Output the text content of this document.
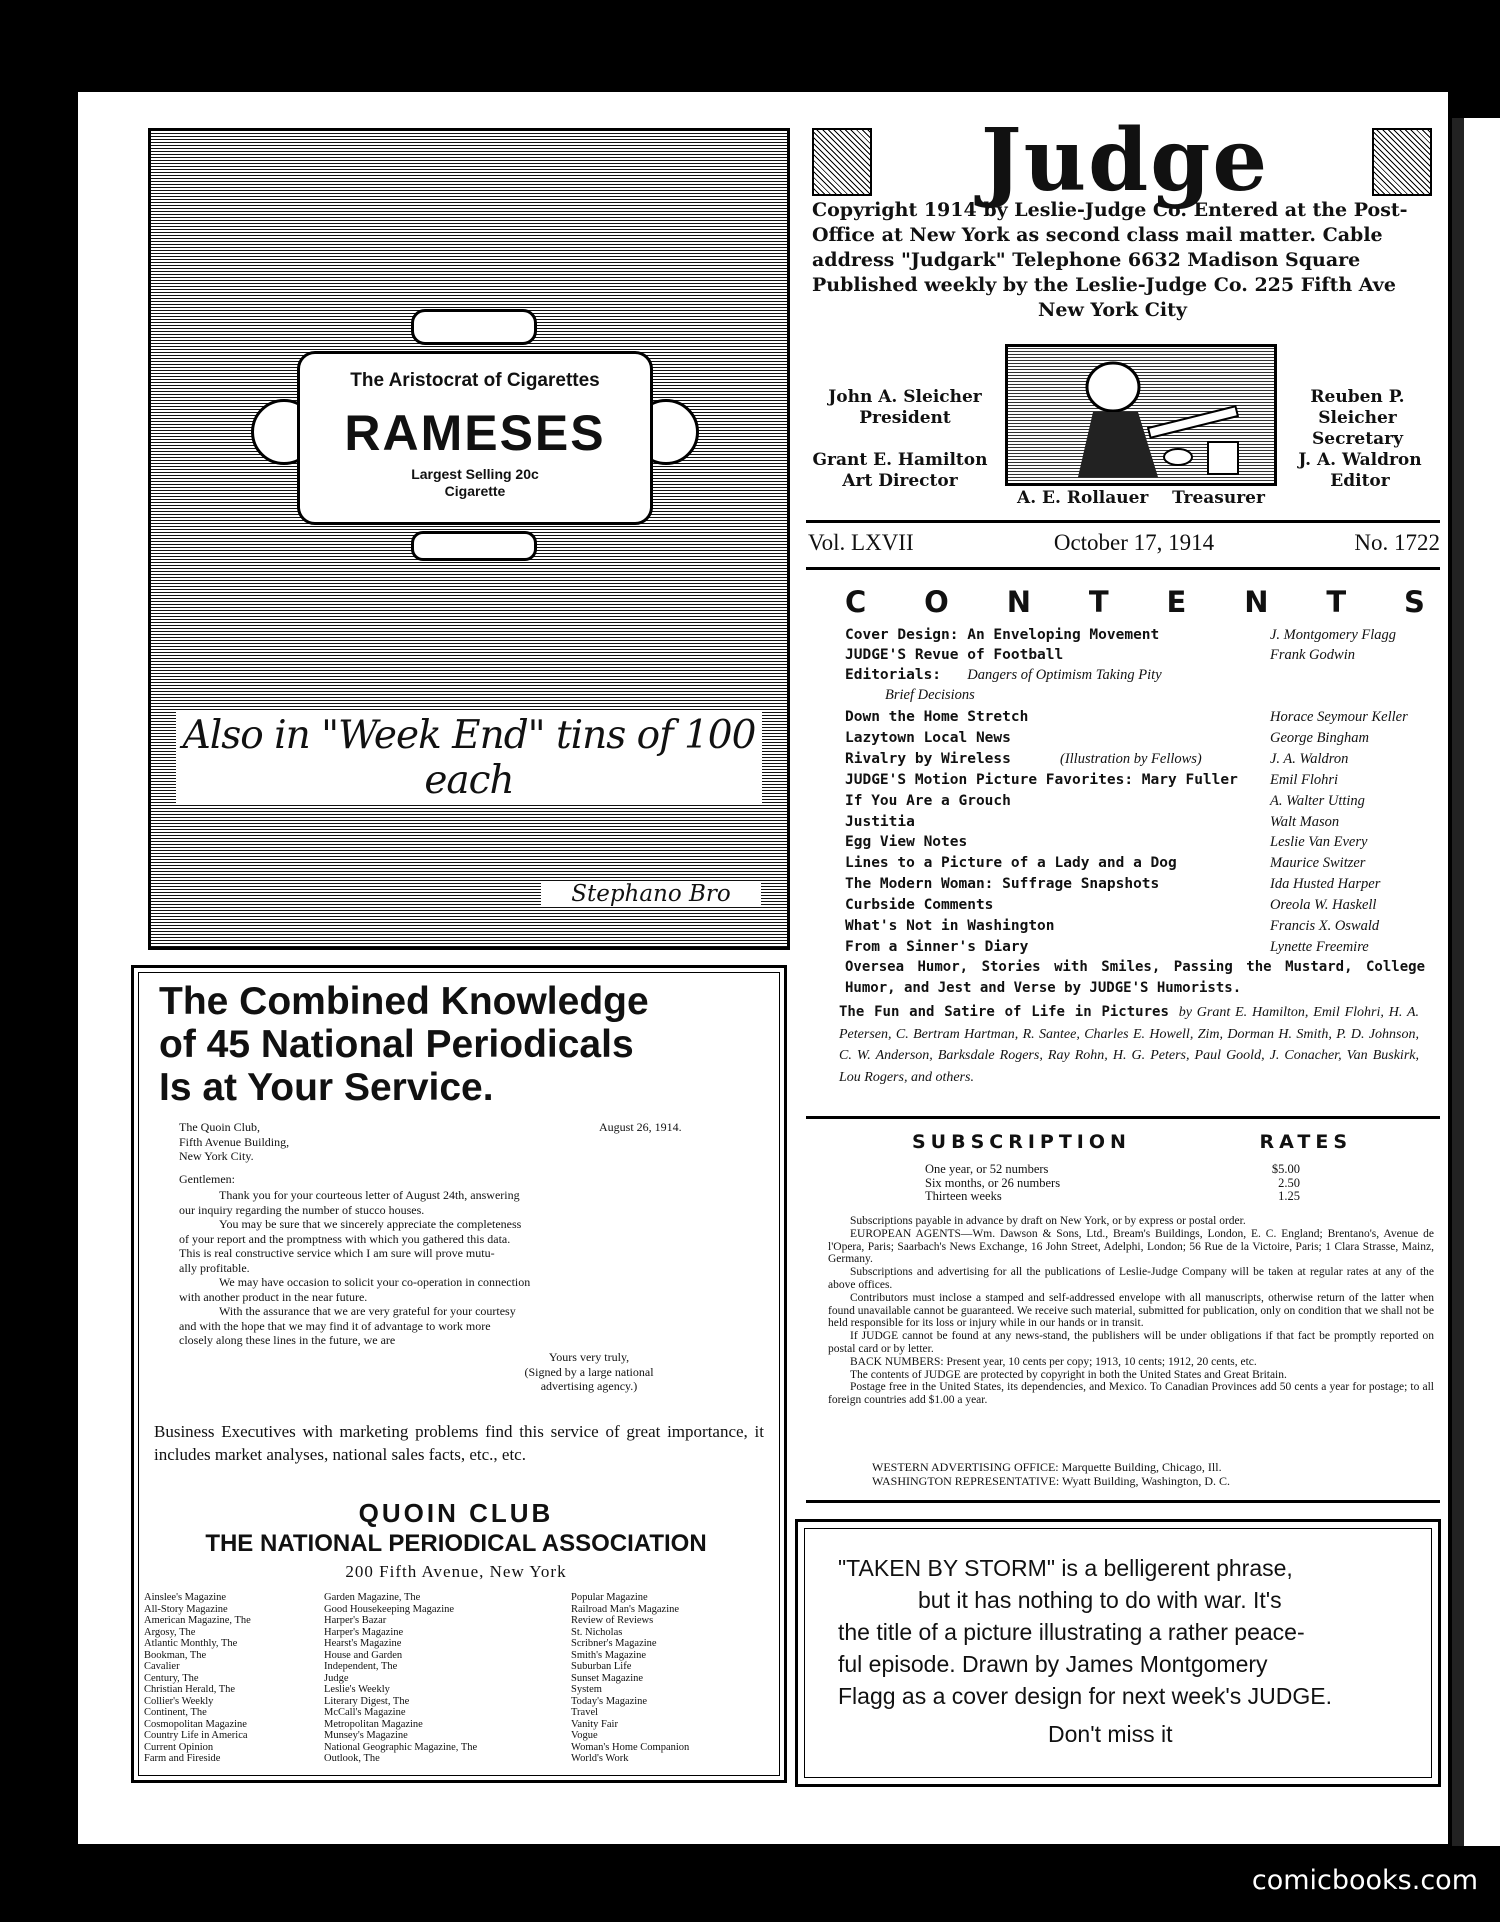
The Aristocrat of Cigarettes
RAMESES
Largest Selling 20c
Cigarette
Also in "Week End" tins of 100 each
Stephano Bro
The Combined Knowledge
of 45 National Periodicals
Is at Your Service.
The Quoin Club,
Fifth Avenue Building,
New York City.
August 26, 1914.
Gentlemen:
Thank you for your courteous letter of August 24th, answering
our inquiry regarding the number of stucco houses.
You may be sure that we sincerely appreciate the completeness
of your report and the promptness with which you gathered this data.
This is real constructive service which I am sure will prove mutu-
ally profitable.
We may have occasion to solicit your co-operation in connection
with another product in the near future.
With the assurance that we are very grateful for your courtesy
and with the hope that we may find it of advantage to work more
closely along these lines in the future, we are
Yours very truly,
(Signed by a large national
advertising agency.)
Business Executives with marketing problems find this service of great importance, it includes market analyses, national sales facts, etc., etc.
QUOIN CLUB
THE NATIONAL PERIODICAL ASSOCIATION
200 Fifth Avenue, New York
Ainslee's Magazine
All-Story Magazine
American Magazine, The
Argosy, The
Atlantic Monthly, The
Bookman, The
Cavalier
Century, The
Christian Herald, The
Collier's Weekly
Continent, The
Cosmopolitan Magazine
Country Life in America
Current Opinion
Farm and Fireside
Garden Magazine, The
Good Housekeeping Magazine
Harper's Bazar
Harper's Magazine
Hearst's Magazine
House and Garden
Independent, The
Judge
Leslie's Weekly
Literary Digest, The
McCall's Magazine
Metropolitan Magazine
Munsey's Magazine
National Geographic Magazine, The
Outlook, The
Popular Magazine
Railroad Man's Magazine
Review of Reviews
St. Nicholas
Scribner's Magazine
Smith's Magazine
Suburban Life
Sunset Magazine
System
Today's Magazine
Travel
Vanity Fair
Vogue
Woman's Home Companion
World's Work
Judge
Copyright 1914 by Leslie-Judge Co. Entered at the Post-
Office at New York as second class mail matter. Cable
address "Judgark" Telephone 6632 Madison Square
Published weekly by the Leslie-Judge Co. 225 Fifth Ave
New York City
John A. Sleicher
President
Reuben P. Sleicher
Secretary
Grant E. Hamilton
Art Director
J. A. Waldron
Editor
A. E. Rollauer Treasurer
Vol. LXVII	October 17, 1914	No. 1722
C O N T E N T S
Cover Design: An Enveloping Movement	J. Montgomery Flagg
JUDGE'S Revue of Football	Frank Godwin
Editorials: Dangers of Optimism Taking Pity
Brief Decisions
Down the Home Stretch	Horace Seymour Keller
Lazytown Local News	George Bingham
Rivalry by Wireless	(Illustration by Fellows)	J. A. Waldron
JUDGE'S Motion Picture Favorites: Mary Fuller Emil Flohri
If You Are a Grouch	A. Walter Utting
Justitia	Walt Mason
Egg View Notes	Leslie Van Every
Lines to a Picture of a Lady and a Dog	Maurice Switzer
The Modern Woman: Suffrage Snapshots	Ida Husted Harper
Curbside Comments	Oreola W. Haskell
What's Not in Washington	Francis X. Oswald
From a Sinner's Diary	Lynette Freemire
Oversea Humor, Stories with Smiles, Passing the Mustard, College Humor, and Jest and Verse by JUDGE'S Humorists.
The Fun and Satire of Life in Pictures by Grant E. Hamilton, Emil Flohri, H. A. Petersen, C. Bertram Hartman, R. Santee, Charles E. Howell, Zim, Dorman H. Smith, P. D. Johnson, C. W. Anderson, Barksdale Rogers, Ray Rohn, H. G. Peters, Paul Goold, J. Conacher, Van Buskirk, Lou Rogers, and others.
SUBSCRIPTION	RATES
One year, or 52 numbers	$5.00
Six months, or 26 numbers	2.50
Thirteen weeks	1.25
Subscriptions payable in advance by draft on New York, or by express or postal order.
EUROPEAN AGENTS—Wm. Dawson & Sons, Ltd., Bream's Buildings, London, E. C. England; Brentano's, Avenue de l'Opera, Paris; Saarbach's News Exchange, 16 John Street, Adelphi, London; 56 Rue de la Victoire, Paris; 1 Clara Strasse, Mainz, Germany.
Subscriptions and advertising for all the publications of Leslie-Judge Company will be taken at regular rates at any of the above offices.
Contributors must inclose a stamped and self-addressed envelope with all manuscripts, otherwise return of the latter when found unavailable cannot be guaranteed. We receive such material, submitted for publication, only on condition that we shall not be held responsible for its loss or injury while in our hands or in transit.
If JUDGE cannot be found at any news-stand, the publishers will be under obligations if that fact be promptly reported on postal card or by letter.
BACK NUMBERS: Present year, 10 cents per copy; 1913, 10 cents; 1912, 20 cents, etc.
The contents of JUDGE are protected by copyright in both the United States and Great Britain.
Postage free in the United States, its dependencies, and Mexico. To Canadian Provinces add 50 cents a year for postage; to all foreign countries add $1.00 a year.
WESTERN ADVERTISING OFFICE: Marquette Building, Chicago, Ill.
WASHINGTON REPRESENTATIVE: Wyatt Building, Washington, D. C.
"TAKEN BY STORM" is a belligerent phrase,
but it has nothing to do with war. It's
the title of a picture illustrating a rather peace-
ful episode. Drawn by James Montgomery
Flagg as a cover design for next week's JUDGE.
Don't miss it
comicbooks.com
